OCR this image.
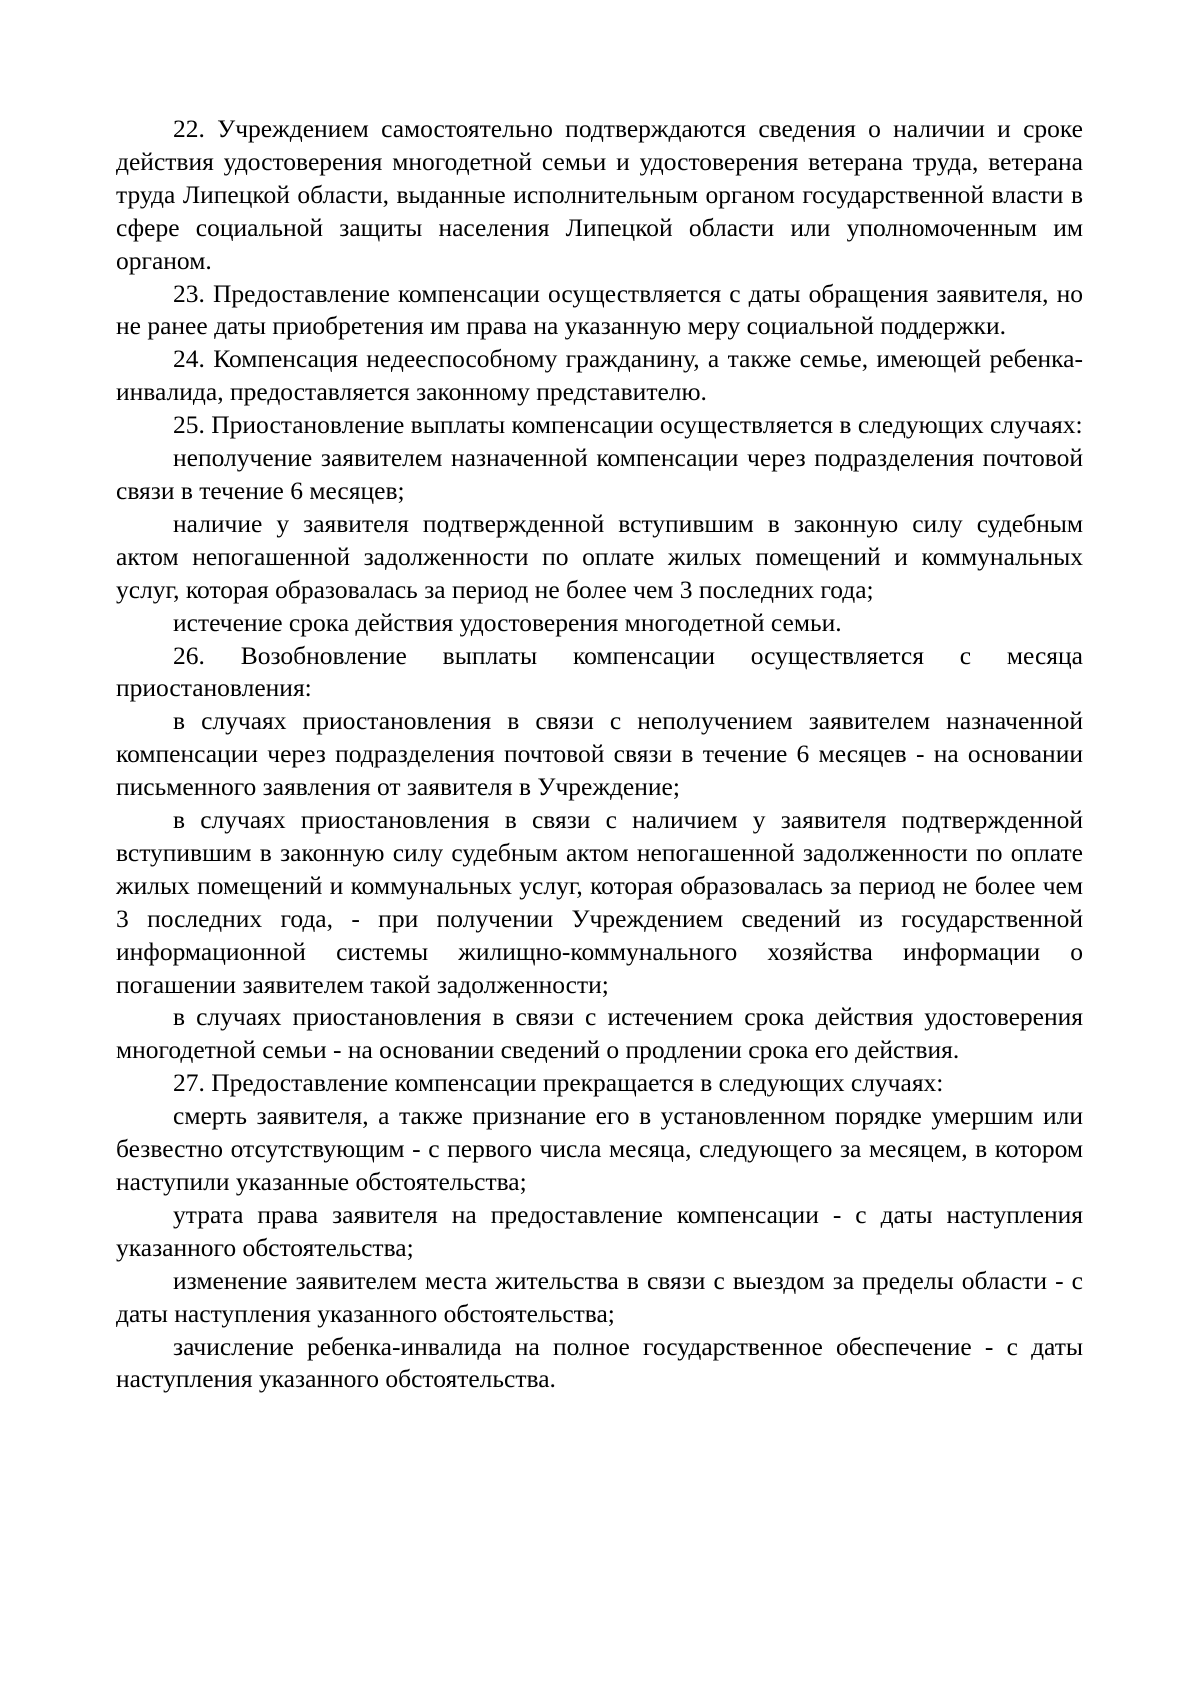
22. Учреждением самостоятельно подтверждаются сведения о наличии и сроке действия удостоверения многодетной семьи и удостоверения ветерана труда, ветерана труда Липецкой области, выданные исполнительным органом государственной власти в сфере социальной защиты населения Липецкой области или уполномоченным им органом.

23. Предоставление компенсации осуществляется с даты обращения заявителя, но не ранее даты приобретения им права на указанную меру социальной поддержки.

24. Компенсация недееспособному гражданину, а также семье, имеющей ребенка-инвалида, предоставляется законному представителю.

25. Приостановление выплаты компенсации осуществляется в следующих случаях:

неполучение заявителем назначенной компенсации через подразделения почтовой связи в течение 6 месяцев;

наличие у заявителя подтвержденной вступившим в законную силу судебным актом непогашенной задолженности по оплате жилых помещений и коммунальных услуг, которая образовалась за период не более чем 3 последних года;

истечение срока действия удостоверения многодетной семьи.

26. Возобновление выплаты компенсации осуществляется с месяца приостановления:

в случаях приостановления в связи с неполучением заявителем назначенной компенсации через подразделения почтовой связи в течение 6 месяцев - на основании письменного заявления от заявителя в Учреждение;

в случаях приостановления в связи с наличием у заявителя подтвержденной вступившим в законную силу судебным актом непогашенной задолженности по оплате жилых помещений и коммунальных услуг, которая образовалась за период не более чем 3 последних года, - при получении Учреждением сведений из государственной информационной системы жилищно-коммунального хозяйства информации о погашении заявителем такой задолженности;

в случаях приостановления в связи с истечением срока действия удостоверения многодетной семьи - на основании сведений о продлении срока его действия.

27. Предоставление компенсации прекращается в следующих случаях:

смерть заявителя, а также признание его в установленном порядке умершим или безвестно отсутствующим - с первого числа месяца, следующего за месяцем, в котором наступили указанные обстоятельства;

утрата права заявителя на предоставление компенсации - с даты наступления указанного обстоятельства;

изменение заявителем места жительства в связи с выездом за пределы области - с даты наступления указанного обстоятельства;

зачисление ребенка-инвалида на полное государственное обеспечение - с даты наступления указанного обстоятельства.
